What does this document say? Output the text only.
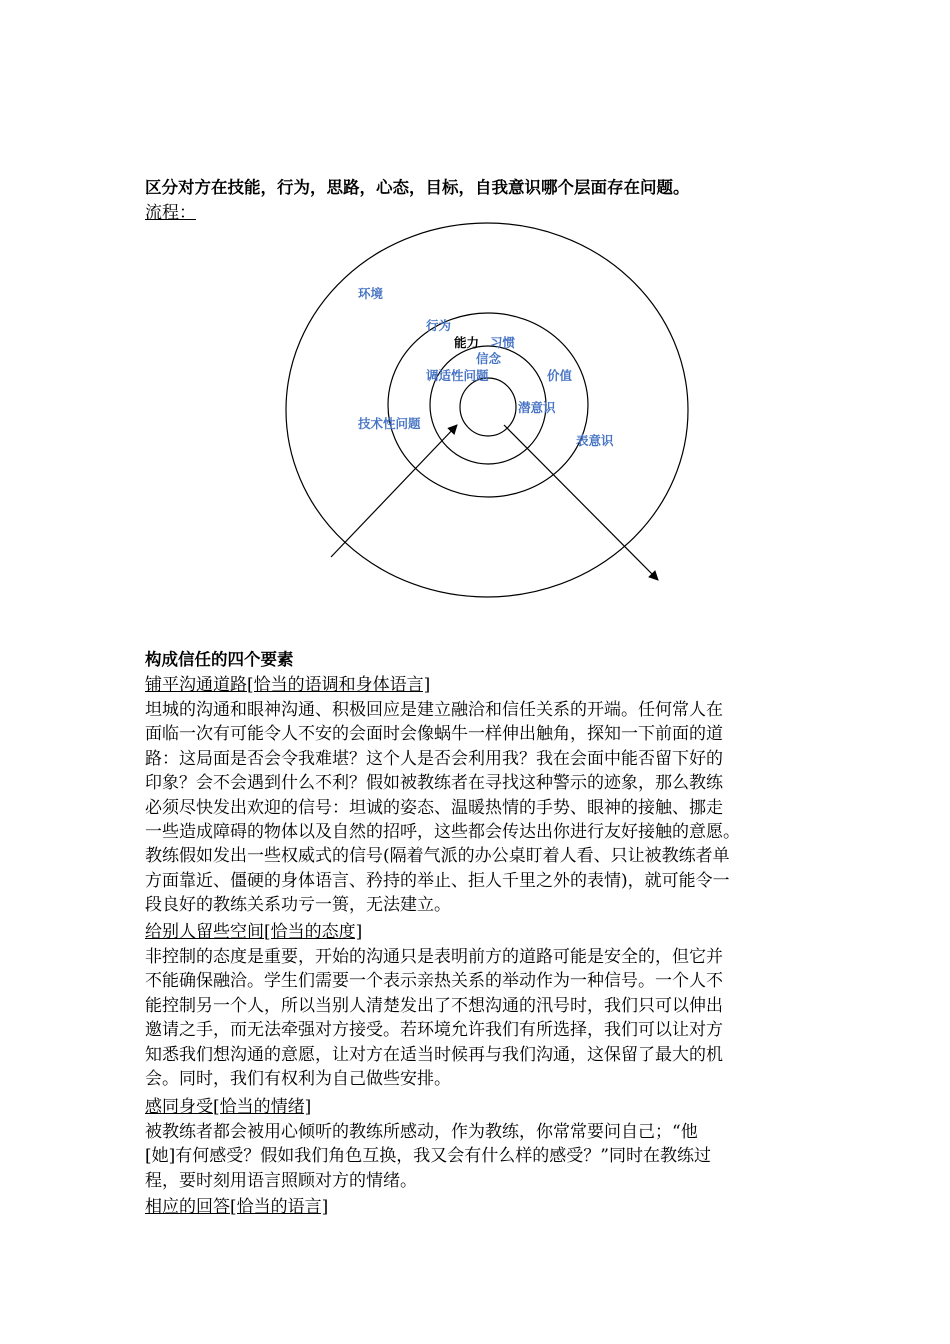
区分对方在技能，行为，思路，心态，目标，自我意识哪个层面存在问题。
流程：
环境
行为
能力 习惯
信念
调适性问题	价值
潜意识
技术性问题
表意识
构成信任的四个要素
铺平沟通道路[恰当的语调和身体语言]
坦城的沟通和眼神沟通、积极回应是建立融洽和信任关系的开端。任何常人在
面临一次有可能令人不安的会面时会像蜗牛一样伸出触角，探知一下前面的道
路：这局面是否会令我难堪？这个人是否会利用我？我在会面中能否留下好的
印象？会不会遇到什么不利？假如被教练者在寻找这种警示的迹象，那么教练
必须尽快发出欢迎的信号：坦诚的姿态、温暖热情的手势、眼神的接触、挪走
一些造成障碍的物体以及自然的招呼，这些都会传达出你进行友好接触的意愿。
教练假如发出一些权威式的信号(隔着气派的办公桌盯着人看、只让被教练者单
方面靠近、僵硬的身体语言、矜持的举止、拒人千里之外的表情)，就可能令一
段良好的教练关系功亏一篑，无法建立。
给别人留些空间[恰当的态度]
非控制的态度是重要，开始的沟通只是表明前方的道路可能是安全的，但它并
不能确保融洽。学生们需要一个表示亲热关系的举动作为一种信号。一个人不
能控制另一个人，所以当别人清楚发出了不想沟通的汛号时，我们只可以伸出
邀请之手，而无法牵强对方接受。若环境允许我们有所选择，我们可以让对方
知悉我们想沟通的意愿，让对方在适当时候再与我们沟通，这保留了最大的机
会。同时，我们有权利为自己做些安排。
感同身受[恰当的情绪]
被教练者都会被用心倾听的教练所感动，作为教练，你常常要问自己；“他
[她]有何感受？假如我们角色互换，我又会有什么样的感受？”同时在教练过
程，要时刻用语言照顾对方的情绪。
相应的回答[恰当的语言]
